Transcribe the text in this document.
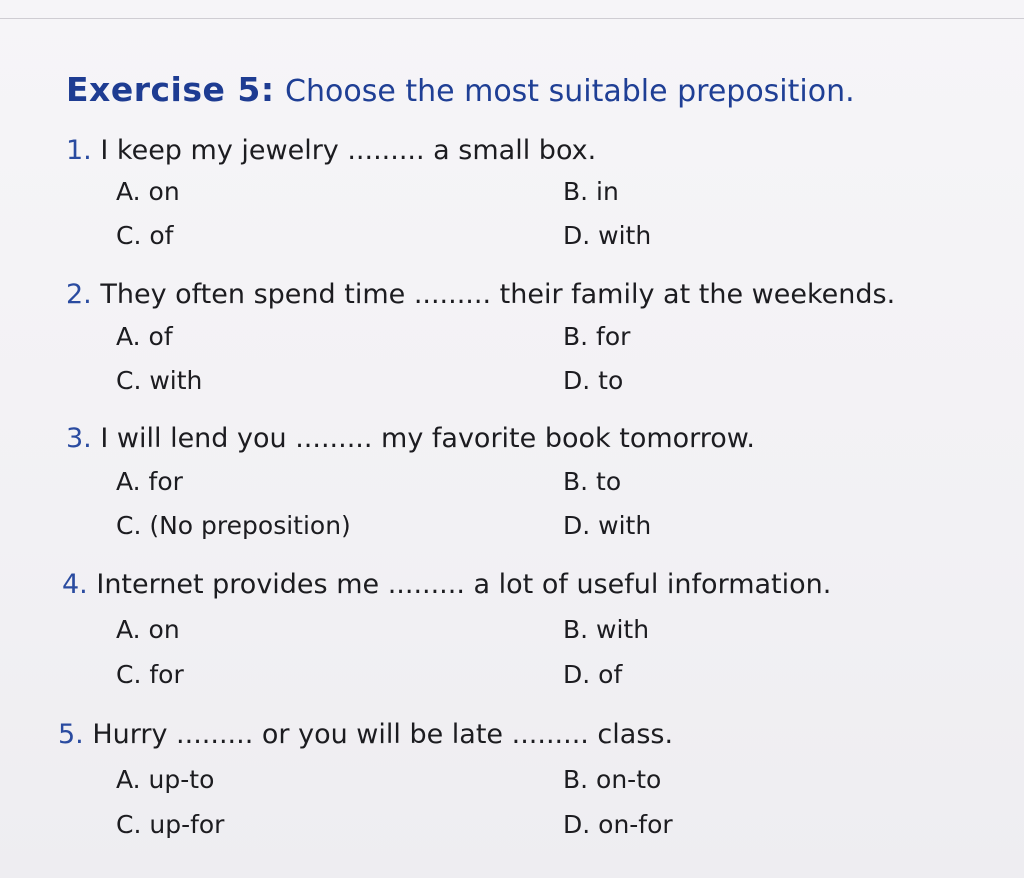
Exercise 5: Choose the most suitable preposition.
1. I keep my jewelry ......... a small box.
A. on	B. in
C. of	D. with
2. They often spend time ......... their family at the weekends.
A. of	B. for
C. with	D. to
3. I will lend you ......... my favorite book tomorrow.
A. for	B. to
C. (No preposition)	D. with
4. Internet provides me ......... a lot of useful information.
A. on	B. with
C. for	D. of
5. Hurry ......... or you will be late ......... class.
A. up-to	B. on-to
C. up-for	D. on-for
